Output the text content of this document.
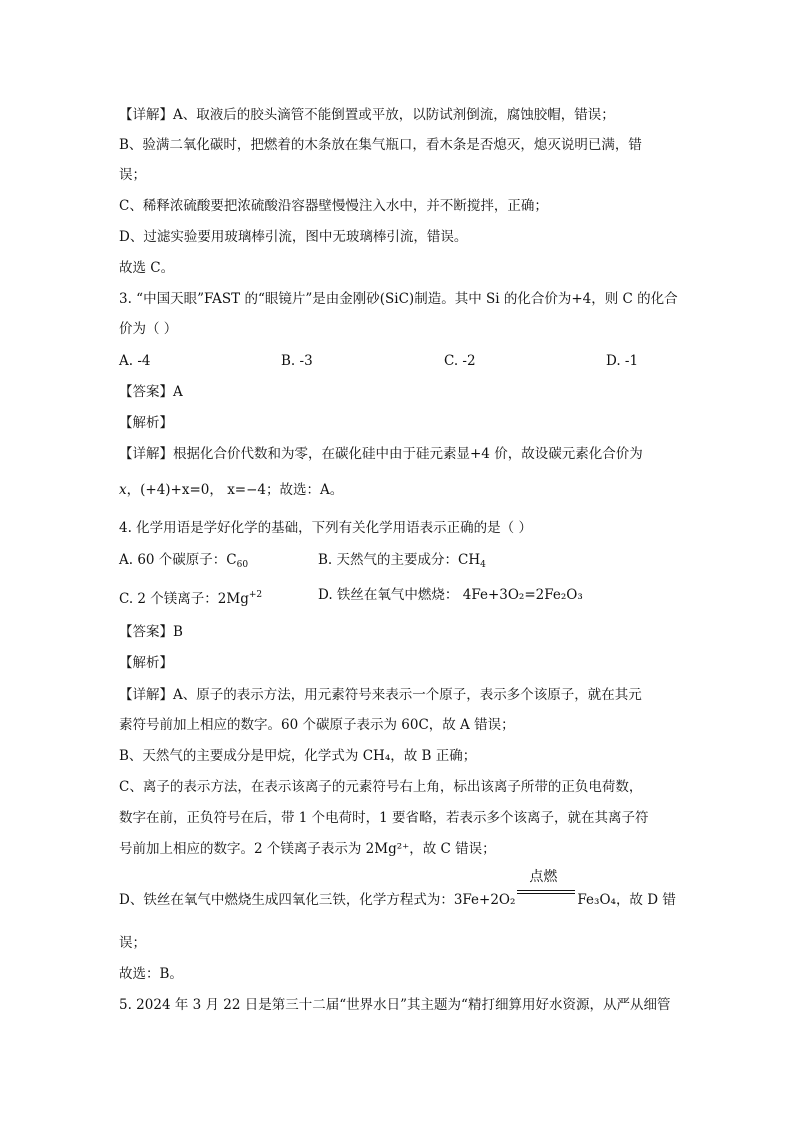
【详解】A、取液后的胶头滴管不能倒置或平放，以防试剂倒流，腐蚀胶帽，错误；
B、验满二氧化碳时，把燃着的木条放在集气瓶口，看木条是否熄灭，熄灭说明已满，错
误；
C、稀释浓硫酸要把浓硫酸沿容器壁慢慢注入水中，并不断搅拌，正确；
D、过滤实验要用玻璃棒引流，图中无玻璃棒引流，错误。
故选 C。
3. “中国天眼”FAST 的“眼镜片”是由金刚砂(SiC)制造。其中 Si 的化合价为+4，则 C 的化合
价为（ ）
A. -4	B. -3	C. -2	D. -1
【答案】A
【解析】
【详解】根据化合价代数和为零，在碳化硅中由于硅元素显+4 价，故设碳元素化合价为
x，(+4)+x=0， x=−4；故选：A。
4. 化学用语是学好化学的基础，下列有关化学用语表示正确的是（ ）
A. 60 个碳原子：$C_{60}$	B. 天然气的主要成分：$CH_4$
C. 2 个镁离子：$2Mg^{+2}$	D. 铁丝在氧气中燃烧： 4Fe+3O₂=2Fe₂O₃
【答案】B
【解析】
【详解】A、原子的表示方法，用元素符号来表示一个原子，表示多个该原子，就在其元
素符号前加上相应的数字。60 个碳原子表示为 60C，故 A 错误；
B、天然气的主要成分是甲烷，化学式为 CH₄，故 B 正确；
C、离子的表示方法，在表示该离子的元素符号右上角，标出该离子所带的正负电荷数，
数字在前，正负符号在后，带 1 个电荷时，1 要省略，若表示多个该离子，就在其离子符
号前加上相应的数字。2 个镁离子表示为 2Mg²⁺，故 C 错误；
D、铁丝在氧气中燃烧生成四氧化三铁，化学方程式为：3Fe+2O₂
点燃
Fe₃O₄，故 D 错
误；
故选：B。
5. 2024 年 3 月 22 日是第三十二届“世界水日”其主题为“精打细算用好水资源，从严从细管
